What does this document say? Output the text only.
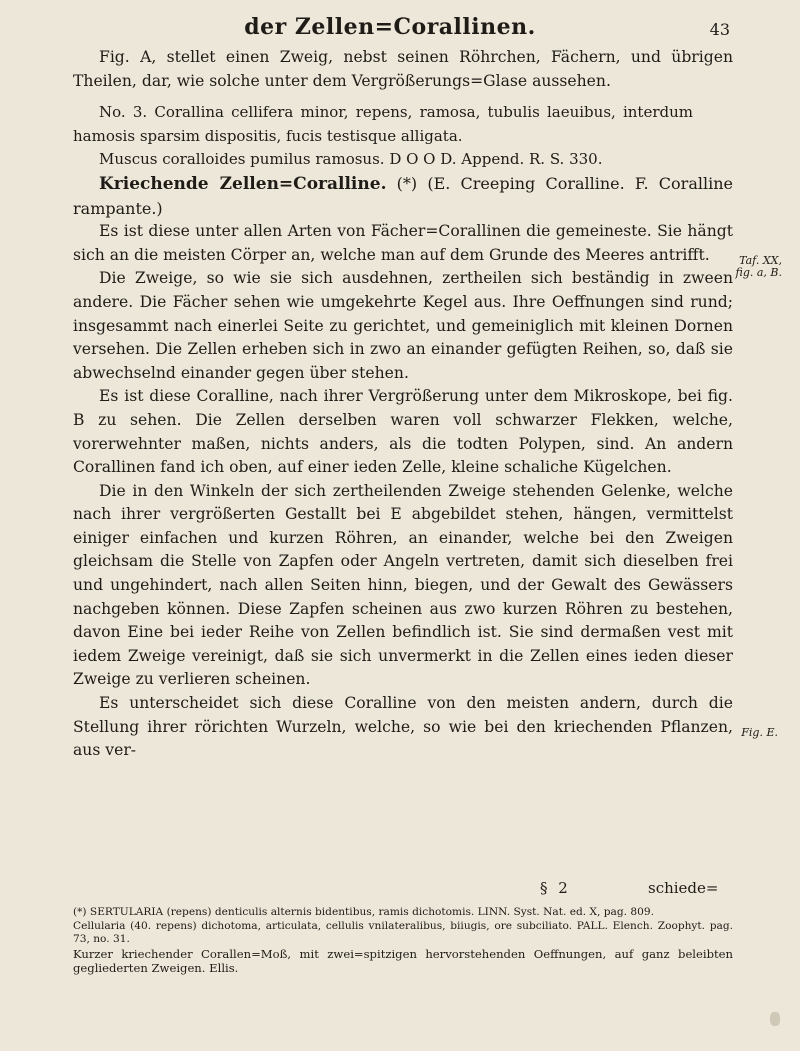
der Zellen=Corallinen.	43

Fig. A, stellet einen Zweig, nebst seinen Röhrchen, Fächern, und übrigen Theilen, dar, wie solche unter dem Vergrößerungs=Glase aussehen.

No. 3. Corallina cellifera minor, repens, ramosa, tubulis laeuibus, interdum hamosis sparsim dispositis, fucis testisque alligata.

Muscus coralloides pumilus ramosus. D O O D. Append. R. S. 330.

Kriechende Zellen=Coralline. (*) (E. Creeping Coralline. F. Coralline rampante.)

Es ist diese unter allen Arten von Fächer=Corallinen die gemeineste. Sie hängt sich an die meisten Cörper an, welche man auf dem Grunde des Meeres antrifft.

Die Zweige, so wie sie sich ausdehnen, zertheilen sich beständig in zween andere. Die Fächer sehen wie umgekehrte Kegel aus. Ihre Oeffnungen sind rund; insgesammt nach einerlei Seite zu gerichtet, und gemeiniglich mit kleinen Dornen versehen. Die Zellen erheben sich in zwo an einander gefügten Reihen, so, daß sie abwechselnd einander gegen über stehen.

Es ist diese Coralline, nach ihrer Vergrößerung unter dem Mikroskope, bei fig. B zu sehen. Die Zellen derselben waren voll schwarzer Flekken, welche, vorerwehnter maßen, nichts anders, als die todten Polypen, sind. An andern Corallinen fand ich oben, auf einer ieden Zelle, kleine schaliche Kügelchen.

Die in den Winkeln der sich zertheilenden Zweige stehenden Gelenke, welche nach ihrer vergrößerten Gestallt bei E abgebildet stehen, hängen, vermittelst einiger einfachen und kurzen Röhren, an einander, welche bei den Zweigen gleichsam die Stelle von Zapfen oder Angeln vertreten, damit sich dieselben frei und ungehindert, nach allen Seiten hinn, biegen, und der Gewalt des Gewässers nachgeben können. Diese Zapfen scheinen aus zwo kurzen Röhren zu bestehen, davon Eine bei ieder Reihe von Zellen befindlich ist. Sie sind dermaßen vest mit iedem Zweige vereinigt, daß sie sich unvermerkt in die Zellen eines ieden dieser Zweige zu verlieren scheinen.

Es unterscheidet sich diese Coralline von den meisten andern, durch die Stellung ihrer rörichten Wurzeln, welche, so wie bei den kriechenden Pflanzen, aus ver-

Taf. XX, fig. a, B.
Fig. E.
§ 2	schiede=

(*) SERTULARIA (repens) denticulis alternis bidentibus, ramis dichotomis. LINN. Syst. Nat. ed. X, pag. 809.

Cellularia (40. repens) dichotoma, articulata, cellulis vnilateralibus, biiugis, ore subciliato. PALL. Elench. Zoophyt. pag. 73, no. 31.

Kurzer kriechender Corallen=Moß, mit zwei=spitzigen hervorstehenden Oeffnungen, auf ganz beleibten gegliederten Zweigen. Ellis.
